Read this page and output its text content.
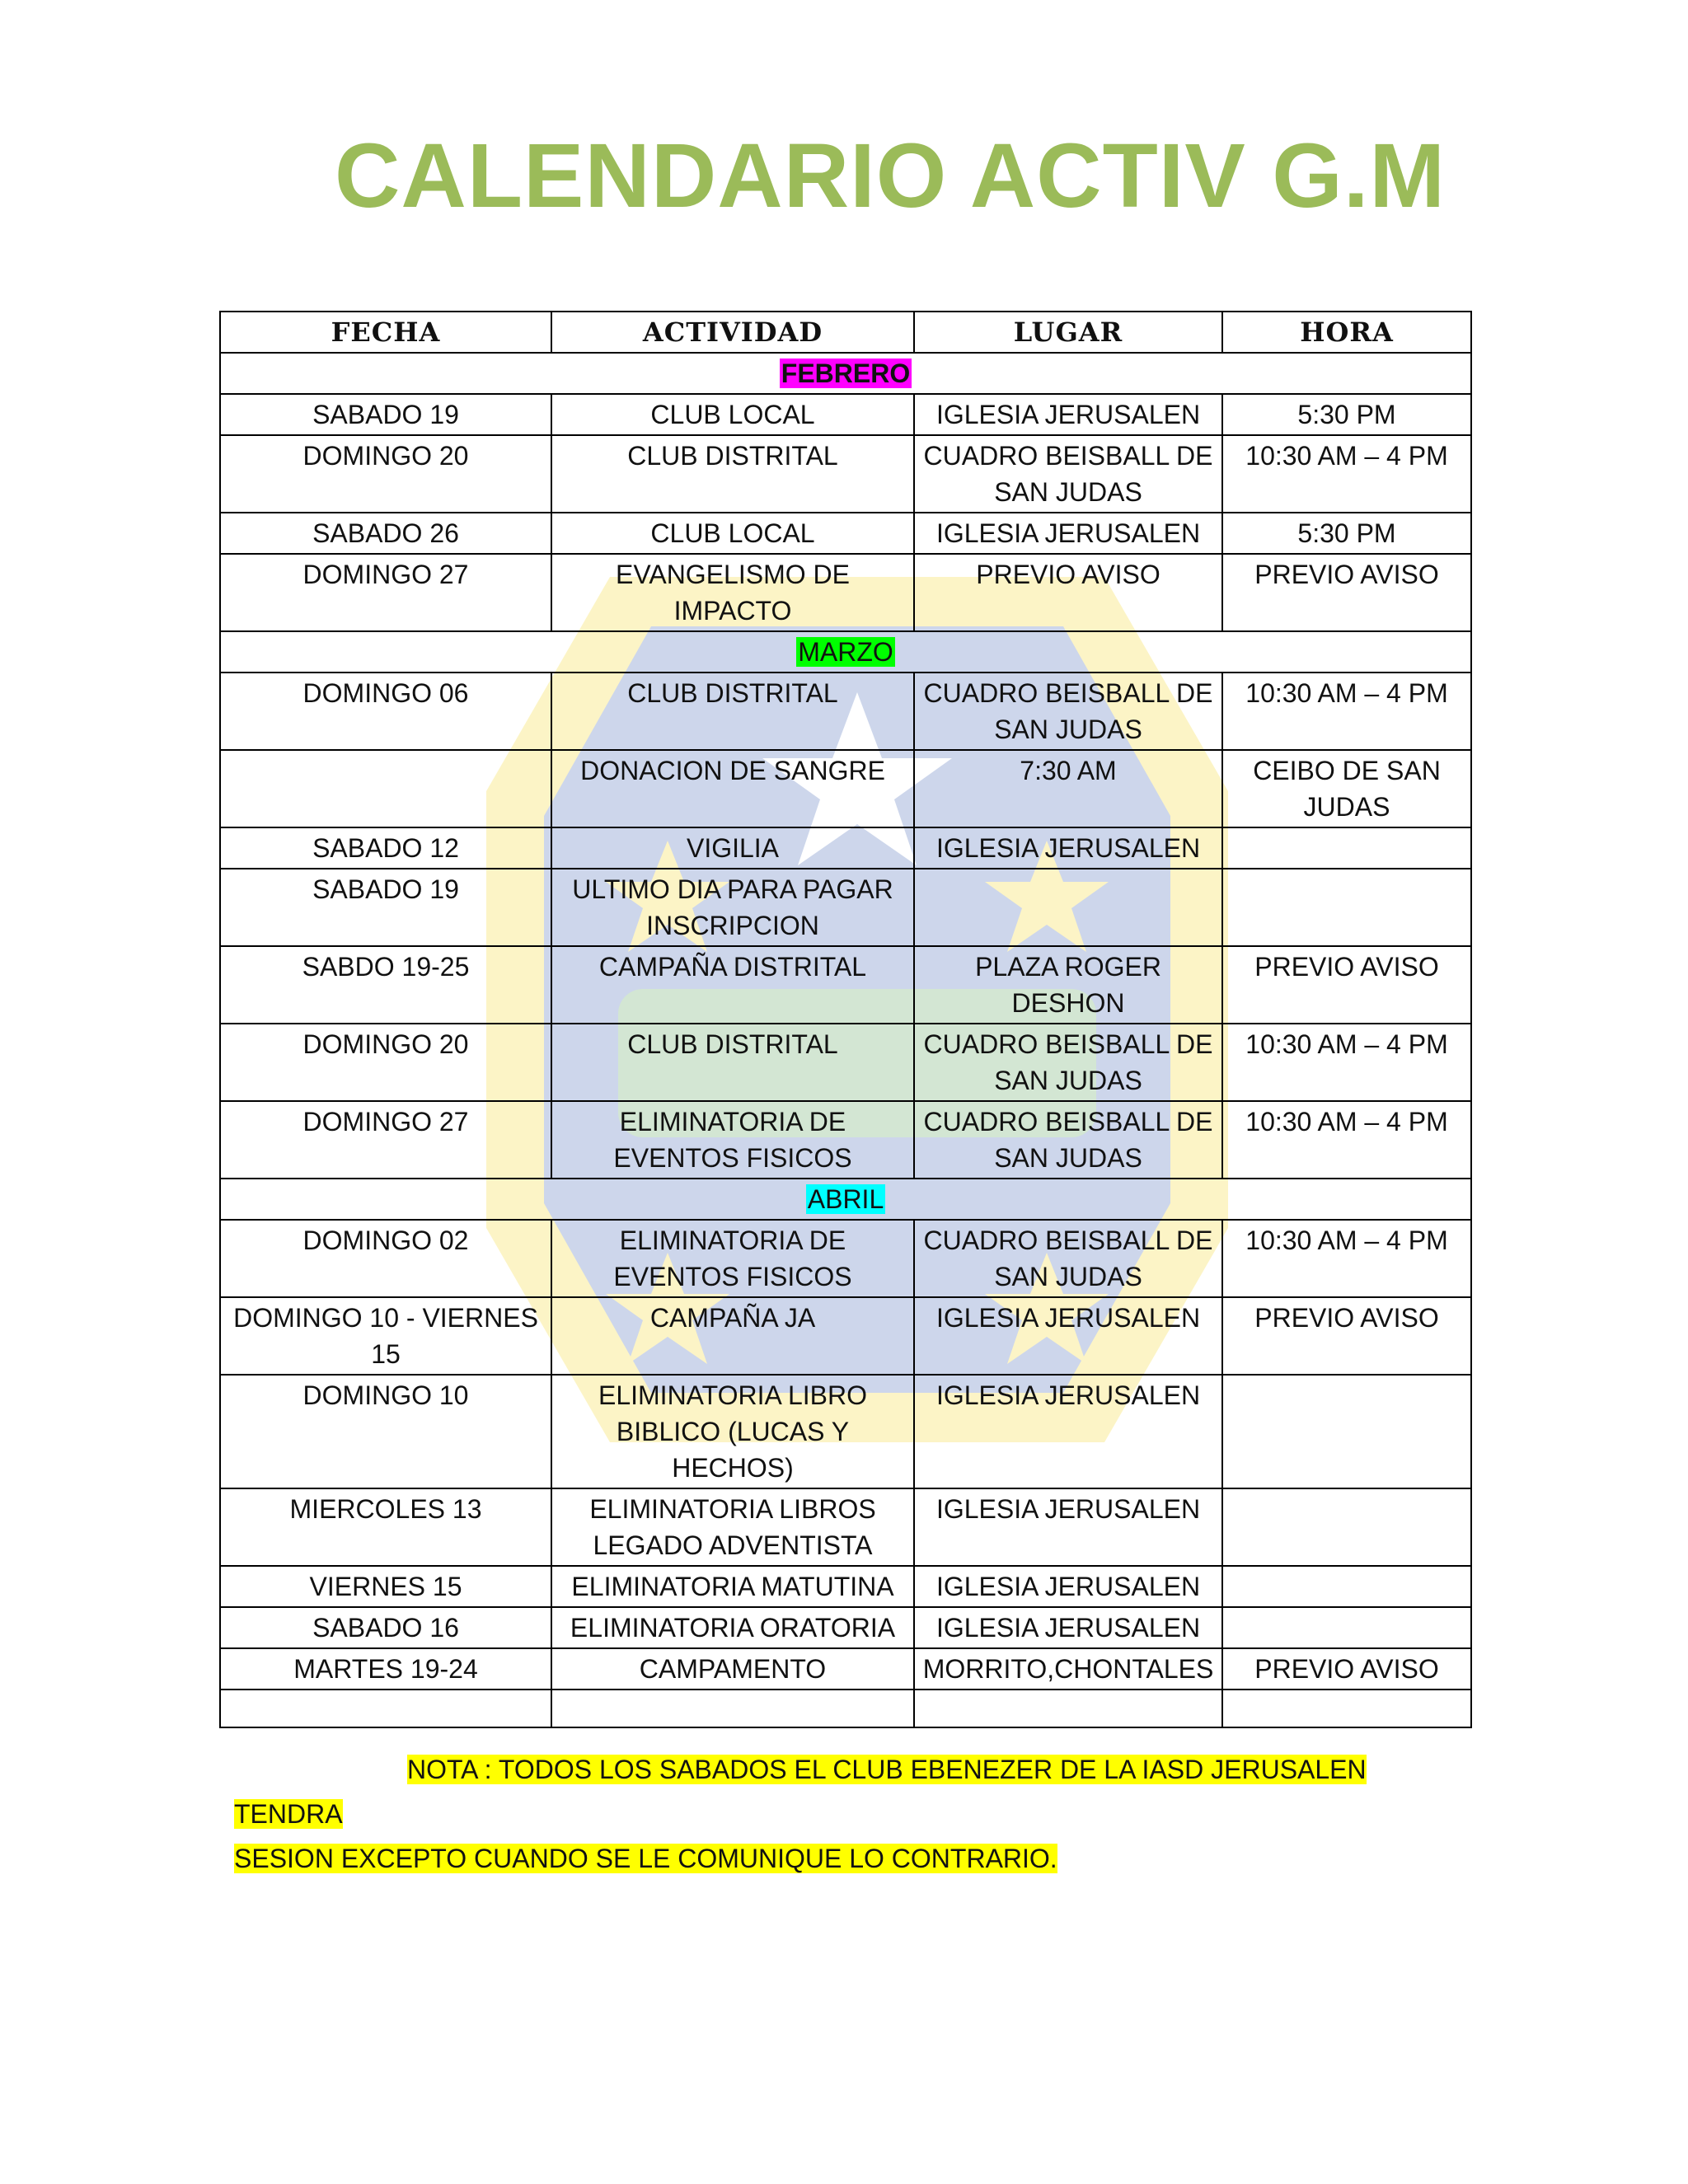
CALENDARIO ACTIV G.M
FECHA	ACTIVIDAD	LUGAR	HORA
FEBRERO			
SABADO 19	CLUB LOCAL	IGLESIA JERUSALEN	5:30 PM
DOMINGO 20	CLUB DISTRITAL	CUADRO BEISBALL DE SAN JUDAS	10:30 AM – 4 PM
SABADO 26	CLUB LOCAL	IGLESIA JERUSALEN	5:30 PM
DOMINGO 27	EVANGELISMO DE IMPACTO	PREVIO AVISO	PREVIO AVISO
MARZO			
DOMINGO 06	CLUB DISTRITAL	CUADRO BEISBALL DE SAN JUDAS	10:30 AM – 4 PM
	DONACION DE SANGRE	7:30 AM	CEIBO DE SAN JUDAS
SABADO 12	VIGILIA	IGLESIA JERUSALEN	
SABADO 19	ULTIMO DIA PARA PAGAR INSCRIPCION		
SABDO 19-25	CAMPAÑA DISTRITAL	PLAZA ROGER DESHON	PREVIO AVISO
DOMINGO 20	CLUB DISTRITAL	CUADRO BEISBALL DE SAN JUDAS	10:30 AM – 4 PM
DOMINGO 27	ELIMINATORIA DE EVENTOS FISICOS	CUADRO BEISBALL DE SAN JUDAS	10:30 AM – 4 PM
ABRIL			
DOMINGO 02	ELIMINATORIA DE EVENTOS FISICOS	CUADRO BEISBALL DE SAN JUDAS	10:30 AM – 4 PM
DOMINGO 10 - VIERNES 15	CAMPAÑA JA	IGLESIA JERUSALEN	PREVIO AVISO
DOMINGO 10	ELIMINATORIA LIBRO BIBLICO (LUCAS Y HECHOS)	IGLESIA JERUSALEN	
MIERCOLES 13	ELIMINATORIA LIBROS LEGADO ADVENTISTA	IGLESIA JERUSALEN	
VIERNES 15	ELIMINATORIA MATUTINA	IGLESIA JERUSALEN	
SABADO 16	ELIMINATORIA ORATORIA	IGLESIA JERUSALEN	
MARTES 19-24	CAMPAMENTO	MORRITO,CHONTALES	PREVIO AVISO

NOTA : TODOS LOS SABADOS EL CLUB EBENEZER DE LA IASD JERUSALEN TENDRA
SESION EXCEPTO CUANDO SE LE COMUNIQUE LO CONTRARIO.
